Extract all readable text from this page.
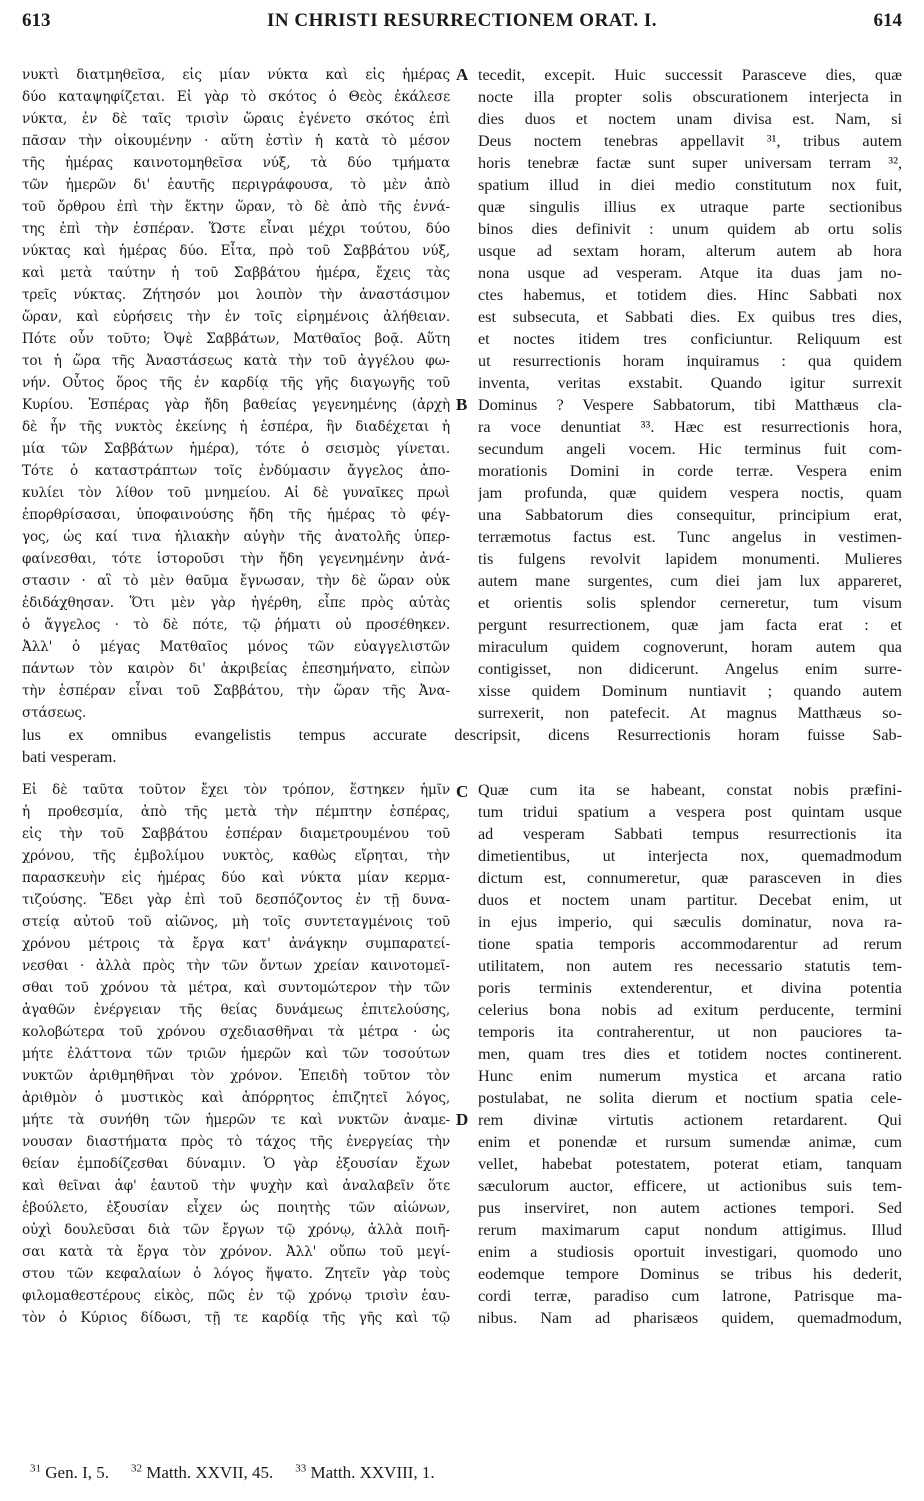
613	IN CHRISTI RESURRECTIONEM ORAT. I.	614
νυκτὶ διατμηθεῖσα, εἰς μίαν νύκτα καὶ εἰς ἡμέρας
δύο καταψηφίζεται. Εἰ γὰρ τὸ σκότος ὁ Θεὸς ἐκάλεσε
νύκτα, ἐν δὲ ταῖς τρισὶν ὥραις ἐγένετο σκότος ἐπὶ
πᾶσαν τὴν οἰκουμένην · αὕτη ἐστὶν ἡ κατὰ τὸ μέσον
τῆς ἡμέρας καινοτομηθεῖσα νύξ, τὰ δύο τμήματα
τῶν ἡμερῶν δι' ἑαυτῆς περιγράφουσα, τὸ μὲν ἀπὸ
τοῦ ὄρθρου ἐπὶ τὴν ἕκτην ὥραν, τὸ δὲ ἀπὸ τῆς ἐννά-
της ἐπὶ τὴν ἑσπέραν. Ὥστε εἶναι μέχρι τούτου, δύο
νύκτας καὶ ἡμέρας δύο. Εἶτα, πρὸ τοῦ Σαββάτου νύξ,
καὶ μετὰ ταύτην ἡ τοῦ Σαββάτου ἡμέρα, ἔχεις τὰς
τρεῖς νύκτας. Ζήτησόν μοι λοιπὸν τὴν ἀναστάσιμον
ὥραν, καὶ εὑρήσεις τὴν ἐν τοῖς εἰρημένοις ἀλήθειαν.
Πότε οὖν τοῦτο; Ὀψὲ Σαββάτων, Ματθαῖος βοᾷ. Αὕτη
τοι ἡ ὥρα τῆς Ἀναστάσεως κατὰ τὴν τοῦ ἀγγέλου φω-
νήν. Οὗτος ὅρος τῆς ἐν καρδίᾳ τῆς γῆς διαγωγῆς τοῦ
Κυρίου. Ἑσπέρας γὰρ ἤδη βαθείας γεγενημένης (ἀρχὴ
δὲ ἦν τῆς νυκτὸς ἐκείνης ἡ ἑσπέρα, ἣν διαδέχεται ἡ
μία τῶν Σαββάτων ἡμέρα), τότε ὁ σεισμὸς γίνεται.
Τότε ὁ καταστράπτων τοῖς ἐνδύμασιν ἄγγελος ἀπο-
κυλίει τὸν λίθον τοῦ μνημείου. Αἱ δὲ γυναῖκες πρωὶ
ἐπορθρίσασαι, ὑποφαινούσης ἤδη τῆς ἡμέρας τὸ φέγ-
γος, ὡς καί τινα ἡλιακὴν αὐγὴν τῆς ἀνατολῆς ὑπερ-
φαίνεσθαι, τότε ἱστοροῦσι τὴν ἤδη γεγενημένην ἀνά-
στασιν · αἳ τὸ μὲν θαῦμα ἔγνωσαν, τὴν δὲ ὥραν οὐκ
ἐδιδάχθησαν. Ὅτι μὲν γὰρ ἠγέρθη, εἶπε πρὸς αὐτὰς
ὁ ἄγγελος · τὸ δὲ πότε, τῷ ῥήματι οὐ προσέθηκεν.
Ἀλλ' ὁ μέγας Ματθαῖος μόνος τῶν εὐαγγελιστῶν
πάντων τὸν καιρὸν δι' ἀκριβείας ἐπεσημήνατο, εἰπὼν
τὴν ἑσπέραν εἶναι τοῦ Σαββάτου, τὴν ὥραν τῆς Ἀνα-
στάσεως.
tecedit, excepit. Huic successit Parasceve dies, quæ
nocte illa propter solis obscurationem interjecta in
dies duos et noctem unam divisa est. Nam, si
Deus noctem tenebras appellavit ³¹, tribus autem
horis tenebræ factæ sunt super universam terram ³²,
spatium illud in diei medio constitutum nox fuit,
quæ singulis illius ex utraque parte sectionibus
binos dies definivit : unum quidem ab ortu solis
usque ad sextam horam, alterum autem ab hora
nona usque ad vesperam. Atque ita duas jam no-
ctes habemus, et totidem dies. Hinc Sabbati nox
est subsecuta, et Sabbati dies. Ex quibus tres dies,
et noctes itidem tres conficiuntur. Reliquum est
ut resurrectionis horam inquiramus : qua quidem
inventa, veritas exstabit. Quando igitur surrexit
Dominus ? Vespere Sabbatorum, tibi Matthæus cla-
ra voce denuntiat ³³. Hæc est resurrectionis hora,
secundum angeli vocem. Hic terminus fuit com-
morationis Domini in corde terræ. Vespera enim
jam profunda, quæ quidem vespera noctis, quam
una Sabbatorum dies consequitur, principium erat,
terræmotus factus est. Tunc angelus in vestimen-
tis fulgens revolvit lapidem monumenti. Mulieres
autem mane surgentes, cum diei jam lux appareret,
et orientis solis splendor cerneretur, tum visum
pergunt resurrectionem, quæ jam facta erat : et
miraculum quidem cognoverunt, horam autem qua
contigisset, non didicerunt. Angelus enim surre-
xisse quidem Dominum nuntiavit ; quando autem
surrexerit, non patefecit. At magnus Matthæus so-
lus ex omnibus evangelistis tempus accurate descripsit, dicens Resurrectionis horam fuisse Sab-
bati vesperam.
Εἰ δὲ ταῦτα τοῦτον ἔχει τὸν τρόπον, ἕστηκεν ἡμῖν
ἡ προθεσμία, ἀπὸ τῆς μετὰ τὴν πέμπτην ἑσπέρας,
εἰς τὴν τοῦ Σαββάτου ἑσπέραν διαμετρουμένου τοῦ
χρόνου, τῆς ἐμβολίμου νυκτὸς, καθὼς εἴρηται, τὴν
παρασκευὴν εἰς ἡμέρας δύο καὶ νύκτα μίαν κερμα-
τιζούσης. Ἔδει γὰρ ἐπὶ τοῦ δεσπόζοντος ἐν τῇ δυνα-
στείᾳ αὐτοῦ τοῦ αἰῶνος, μὴ τοῖς συντεταγμένοις τοῦ
χρόνου μέτροις τὰ ἔργα κατ' ἀνάγκην συμπαρατεί-
νεσθαι · ἀλλὰ πρὸς τὴν τῶν ὄντων χρείαν καινοτομεῖ-
σθαι τοῦ χρόνου τὰ μέτρα, καὶ συντομώτερον τὴν τῶν
ἀγαθῶν ἐνέργειαν τῆς θείας δυνάμεως ἐπιτελούσης,
κολοβώτερα τοῦ χρόνου σχεδιασθῆναι τὰ μέτρα · ὡς
μήτε ἐλάττονα τῶν τριῶν ἡμερῶν καὶ τῶν τοσούτων
νυκτῶν ἀριθμηθῆναι τὸν χρόνον. Ἐπειδὴ τοῦτον τὸν
ἀριθμὸν ὁ μυστικὸς καὶ ἀπόρρητος ἐπιζητεῖ λόγος,
μήτε τὰ συνήθη τῶν ἡμερῶν τε καὶ νυκτῶν ἀναμε-
νουσαν διαστήματα πρὸς τὸ τάχος τῆς ἐνεργείας τὴν
θείαν ἐμποδίζεσθαι δύναμιν. Ὁ γὰρ ἐξουσίαν ἔχων
καὶ θεῖναι ἀφ' ἑαυτοῦ τὴν ψυχὴν καὶ ἀναλαβεῖν ὅτε
ἐβούλετο, ἐξουσίαν εἶχεν ὡς ποιητὴς τῶν αἰώνων,
οὐχὶ δουλεῦσαι διὰ τῶν ἔργων τῷ χρόνῳ, ἀλλὰ ποιῆ-
σαι κατὰ τὰ ἔργα τὸν χρόνον. Ἀλλ' οὔπω τοῦ μεγί-
στου τῶν κεφαλαίων ὁ λόγος ἥψατο. Ζητεῖν γὰρ τοὺς
φιλομαθεστέρους εἰκὸς, πῶς ἐν τῷ χρόνῳ τρισὶν ἑαυ-
τὸν ὁ Κύριος δίδωσι, τῇ τε καρδίᾳ τῆς γῆς καὶ τῷ
Quæ cum ita se habeant, constat nobis præfini-
tum tridui spatium a vespera post quintam usque
ad vesperam Sabbati tempus resurrectionis ita
dimetientibus, ut interjecta nox, quemadmodum
dictum est, connumeretur, quæ parasceven in dies
duos et noctem unam partitur. Decebat enim, ut
in ejus imperio, qui sæculis dominatur, nova ra-
tione spatia temporis accommodarentur ad rerum
utilitatem, non autem res necessario statutis tem-
poris terminis extenderentur, et divina potentia
celerius bona nobis ad exitum perducente, termini
temporis ita contraherentur, ut non pauciores ta-
men, quam tres dies et totidem noctes continerent.
Hunc enim numerum mystica et arcana ratio
postulabat, ne solita dierum et noctium spatia cele-
rem divinæ virtutis actionem retardarent. Qui
enim et ponendæ et rursum sumendæ animæ, cum
vellet, habebat potestatem, poterat etiam, tanquam
sæculorum auctor, efficere, ut actionibus suis tem-
pus inserviret, non autem actiones tempori. Sed
rerum maximarum caput nondum attigimus. Illud
enim a studiosis oportuit investigari, quomodo uno
eodemque tempore Dominus se tribus his dederit,
cordi terræ, paradiso cum latrone, Patrisque ma-
nibus. Nam ad pharisæos quidem, quemadmodum,
A
B
C
D
$^{31}$ Gen. I, 5. $^{32}$ Matth. XXVII, 45. $^{33}$ Matth. XXVIII, 1.
